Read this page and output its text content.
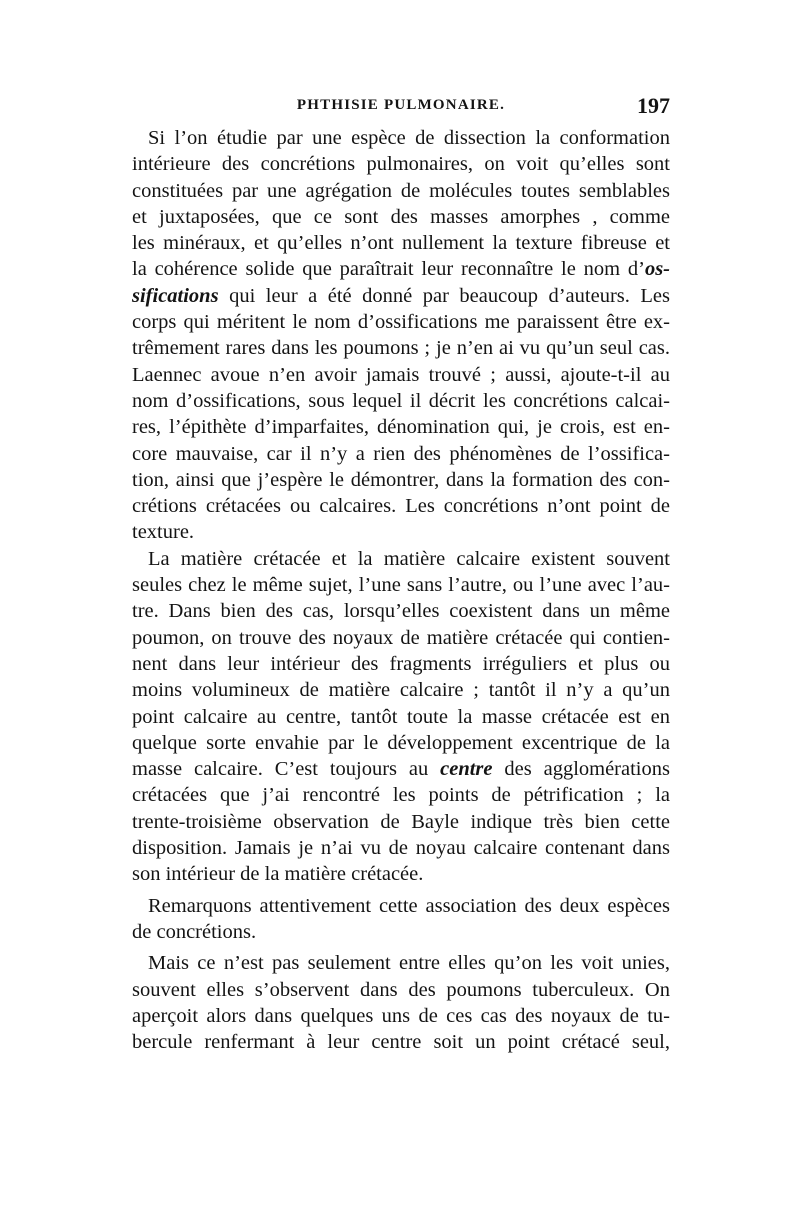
PHTHISIE PULMONAIRE.	197
Si l’on étudie par une espèce de dissection la conformation
intérieure des concrétions pulmonaires, on voit qu’elles sont
constituées par une agrégation de molécules toutes semblables
et juxtaposées, que ce sont des masses amorphes , comme
les minéraux, et qu’elles n’ont nullement la texture fibreuse et
la cohérence solide que paraîtrait leur reconnaître le nom d’os-
sifications qui leur a été donné par beaucoup d’auteurs. Les
corps qui méritent le nom d’ossifications me paraissent être ex-
trêmement rares dans les poumons ; je n’en ai vu qu’un seul cas.
Laennec avoue n’en avoir jamais trouvé ; aussi, ajoute-t-il au
nom d’ossifications, sous lequel il décrit les concrétions calcai-
res, l’épithète d’imparfaites, dénomination qui, je crois, est en-
core mauvaise, car il n’y a rien des phénomènes de l’ossifica-
tion, ainsi que j’espère le démontrer, dans la formation des con-
crétions crétacées ou calcaires. Les concrétions n’ont point de
texture.
La matière crétacée et la matière calcaire existent souvent
seules chez le même sujet, l’une sans l’autre, ou l’une avec l’au-
tre. Dans bien des cas, lorsqu’elles coexistent dans un même
poumon, on trouve des noyaux de matière crétacée qui contien-
nent dans leur intérieur des fragments irréguliers et plus ou
moins volumineux de matière calcaire ; tantôt il n’y a qu’un
point calcaire au centre, tantôt toute la masse crétacée est en
quelque sorte envahie par le développement excentrique de la
masse calcaire. C’est toujours au centre des agglomérations
crétacées que j’ai rencontré les points de pétrification ; la
trente-troisième observation de Bayle indique très bien cette
disposition. Jamais je n’ai vu de noyau calcaire contenant dans
son intérieur de la matière crétacée.
Remarquons attentivement cette association des deux espèces
de concrétions.
Mais ce n’est pas seulement entre elles qu’on les voit unies,
souvent elles s’observent dans des poumons tuberculeux. On
aperçoit alors dans quelques uns de ces cas des noyaux de tu-
bercule renfermant à leur centre soit un point crétacé seul,
